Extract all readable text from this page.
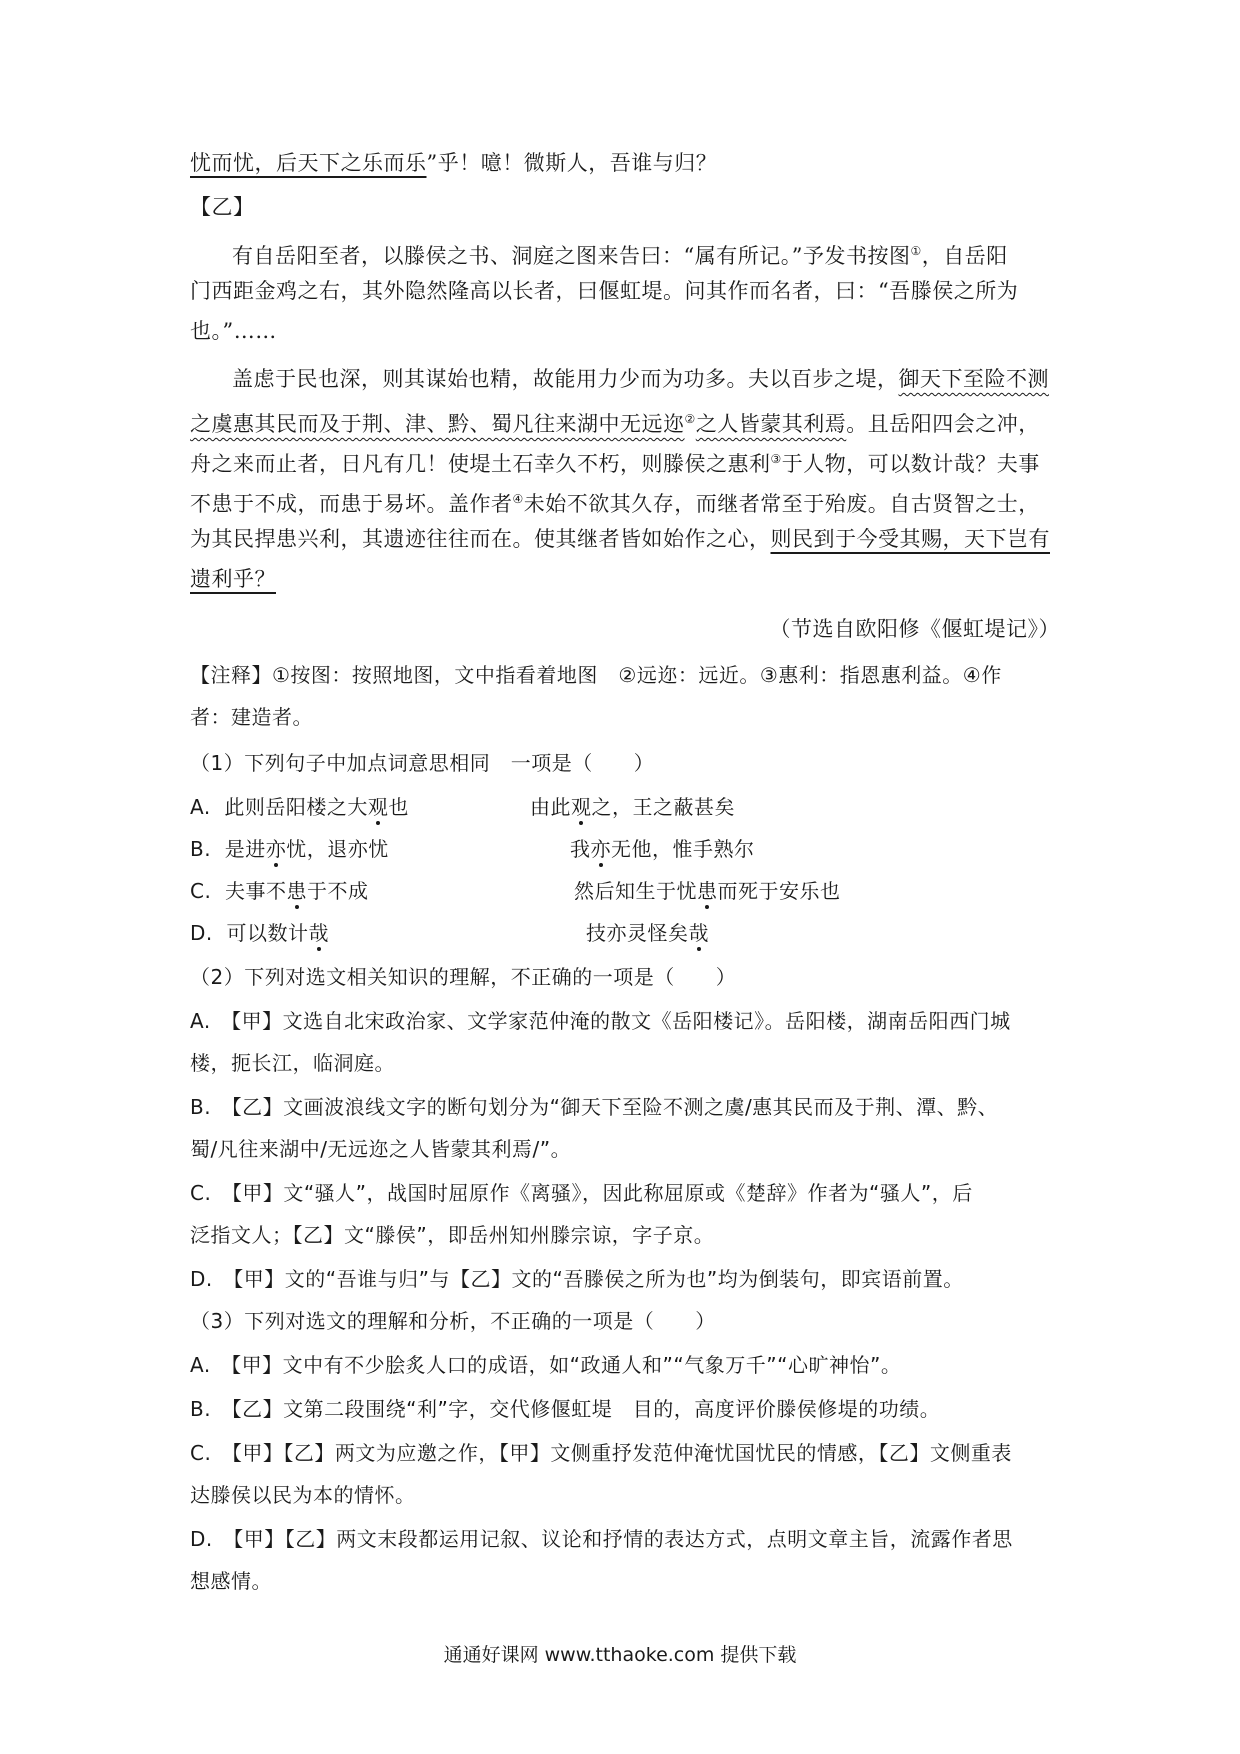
忧而忧，后天下之乐而乐”乎！噫！微斯人，吾谁与归？
【乙】
有自岳阳至者，以滕侯之书、洞庭之图来告曰：“属有所记。”予发书按图①，自岳阳
门西距金鸡之右，其外隐然隆高以长者，曰偃虹堤。问其作而名者，曰：“吾滕侯之所为
也。”……
盖虑于民也深，则其谋始也精，故能用力少而为功多。夫以百步之堤，御天下至险不测
之虞惠其民而及于荆、津、黔、蜀凡往来湖中无远迩②之人皆蒙其利焉。且岳阳四会之冲，
舟之来而止者，日凡有几！使堤土石幸久不朽，则滕侯之惠利③于人物，可以数计哉？夫事
不患于不成，而患于易坏。盖作者④未始不欲其久存，而继者常至于殆废。自古贤智之士，
为其民捍患兴利，其遗迹往往而在。使其继者皆如始作之心，则民到于今受其赐，天下岂有
遗利乎？
（节选自欧阳修《偃虹堤记》）
【注释】①按图：按照地图，文中指看着地图　②远迩：远近。③惠利：指恩惠利益。④作
者：建造者。
（1）下列句子中加点词意思相同　一项是（　　）
A. 此则岳阳楼之大观也	由此观之，王之蔽甚矣
B. 是进亦忧，退亦忧	我亦无他，惟手熟尔
C. 夫事不患于不成	然后知生于忧患而死于安乐也
D. 可以数计哉	技亦灵怪矣哉
（2）下列对选文相关知识的理解，不正确的一项是（　　）
A.　【甲】文选自北宋政治家、文学家范仲淹的散文《岳阳楼记》。岳阳楼，湖南岳阳西门城
楼，扼长江，临洞庭。
B.　【乙】文画波浪线文字的断句划分为“御天下至险不测之虞/惠其民而及于荆、潭、黔、
蜀/凡往来湖中/无远迩之人皆蒙其利焉/”。
C.　【甲】文“骚人”，战国时屈原作《离骚》，因此称屈原或《楚辞》作者为“骚人”，后
泛指文人；【乙】文“滕侯”，即岳州知州滕宗谅，字子京。
D.　【甲】文的“吾谁与归”与【乙】文的“吾滕侯之所为也”均为倒装句，即宾语前置。
（3）下列对选文的理解和分析，不正确的一项是（　　）
A.　【甲】文中有不少脍炙人口的成语，如“政通人和”“气象万千”“心旷神怡”。
B.　【乙】文第二段围绕“利”字，交代修偃虹堤　目的，高度评价滕侯修堤的功绩。
C.　【甲】【乙】两文为应邀之作，【甲】文侧重抒发范仲淹忧国忧民的情感，【乙】文侧重表
达滕侯以民为本的情怀。
D.　【甲】【乙】两文末段都运用记叙、议论和抒情的表达方式，点明文章主旨，流露作者思
想感情。
通通好课网 www.tthaoke.com 提供下载
